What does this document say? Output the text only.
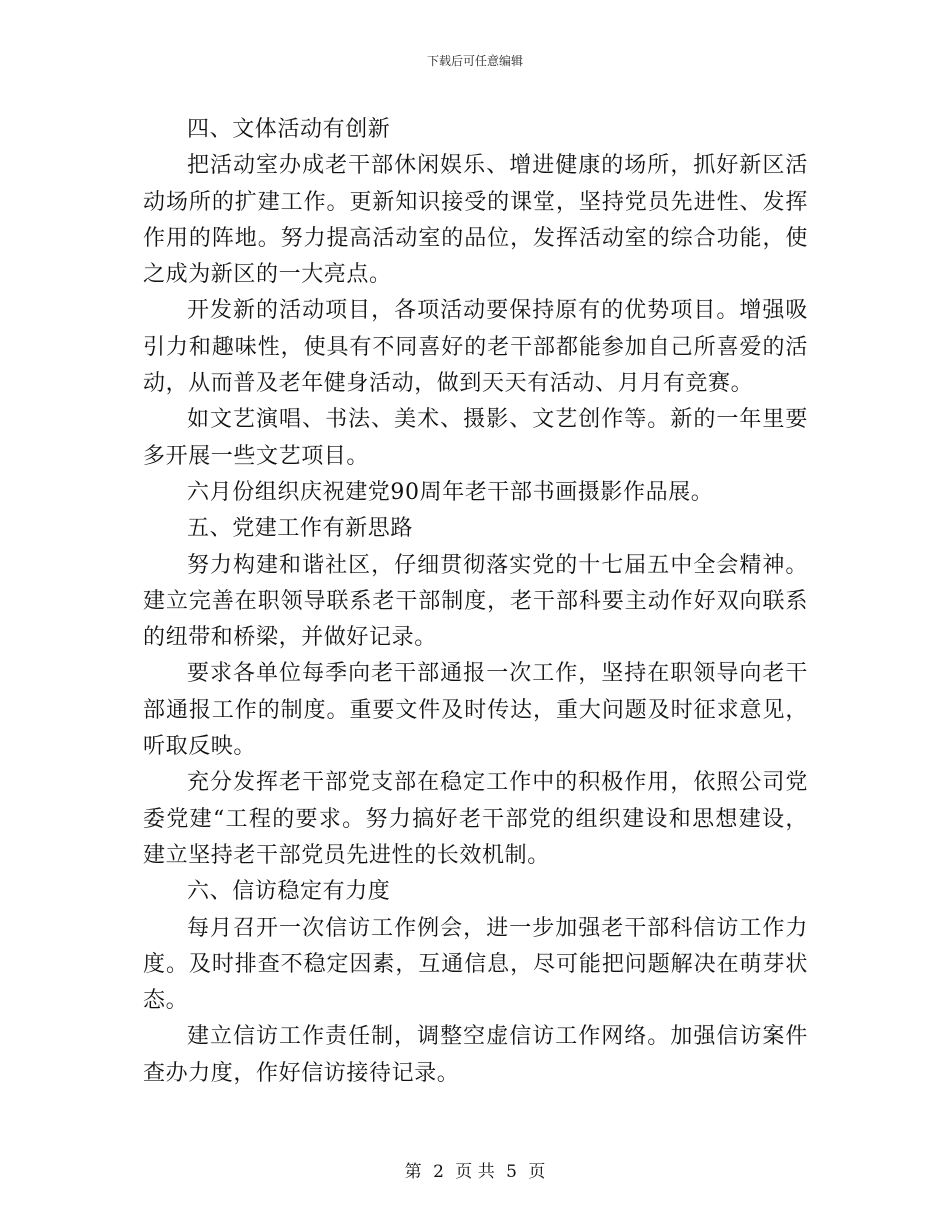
下载后可任意编辑

四、文体活动有创新

把活动室办成老干部休闲娱乐、增进健康的场所，抓好新区活动场所的扩建工作。更新知识接受的课堂，坚持党员先进性、发挥作用的阵地。努力提高活动室的品位，发挥活动室的综合功能，使之成为新区的一大亮点。

开发新的活动项目，各项活动要保持原有的优势项目。增强吸引力和趣味性，使具有不同喜好的老干部都能参加自己所喜爱的活动，从而普及老年健身活动，做到天天有活动、月月有竞赛。

如文艺演唱、书法、美术、摄影、文艺创作等。新的一年里要多开展一些文艺项目。

六月份组织庆祝建党90周年老干部书画摄影作品展。

五、党建工作有新思路

努力构建和谐社区，仔细贯彻落实党的十七届五中全会精神。建立完善在职领导联系老干部制度，老干部科要主动作好双向联系的纽带和桥梁，并做好记录。

要求各单位每季向老干部通报一次工作，坚持在职领导向老干部通报工作的制度。重要文件及时传达，重大问题及时征求意见，听取反映。

充分发挥老干部党支部在稳定工作中的积极作用，依照公司党委党建“工程的要求。努力搞好老干部党的组织建设和思想建设，建立坚持老干部党员先进性的长效机制。

六、信访稳定有力度

每月召开一次信访工作例会，进一步加强老干部科信访工作力度。及时排查不稳定因素，互通信息，尽可能把问题解决在萌芽状态。

建立信访工作责任制，调整空虚信访工作网络。加强信访案件查办力度，作好信访接待记录。

第 2 页 共 5 页
